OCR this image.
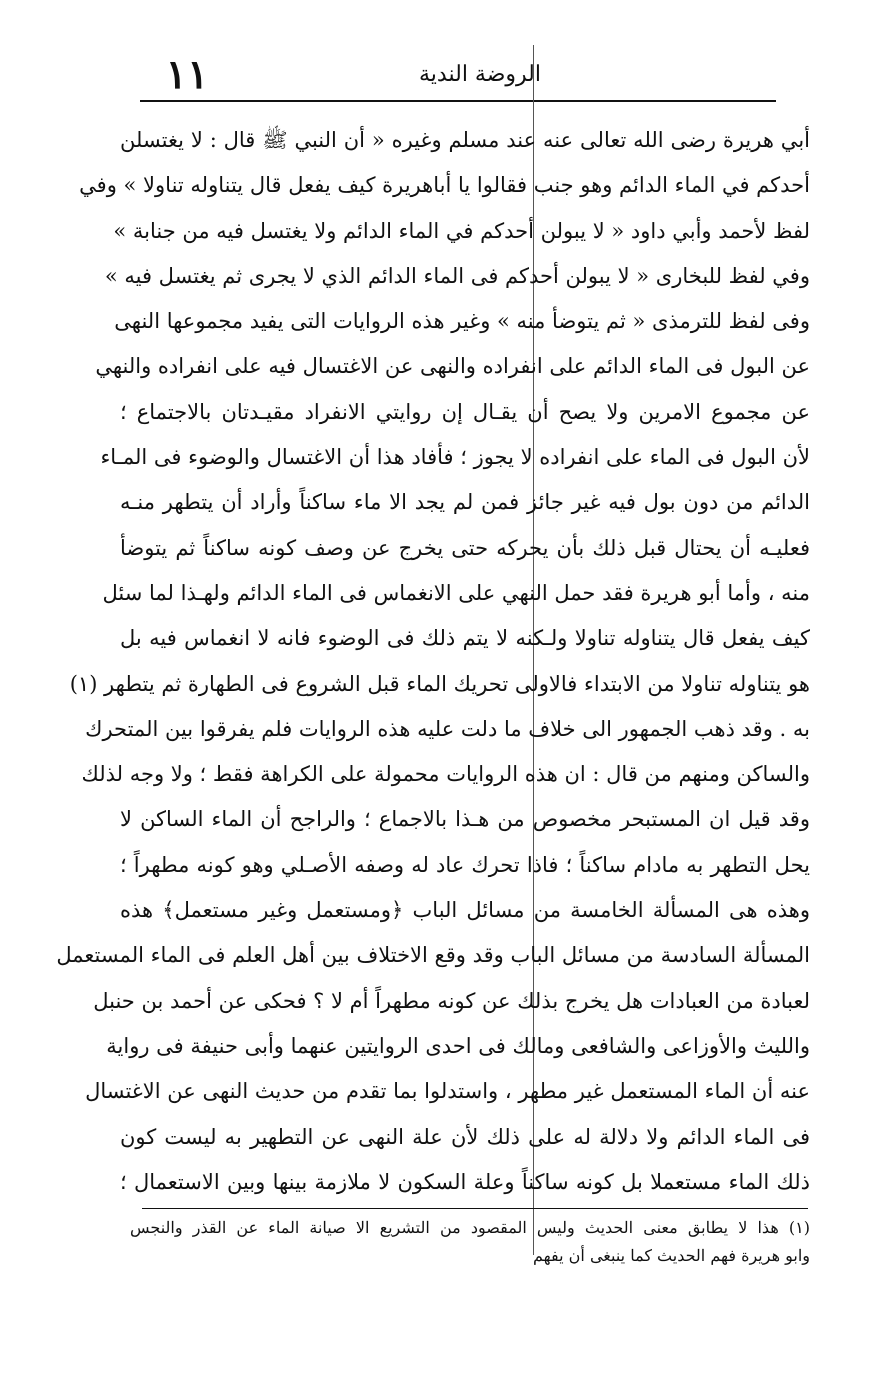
١١	الروضة الندية
أبي هريرة رضى الله تعالى عنه عند مسلم وغيره « أن النبي ﷺ قال : لا يغتسلن
أحدكم في الماء الدائم وهو جنب فقالوا يا أباهريرة كيف يفعل قال يتناوله تناولا » وفي
لفظ لأحمد وأبي داود « لا يبولن أحدكم في الماء الدائم ولا يغتسل فيه من جنابة »
وفي لفظ للبخارى « لا يبولن أحدكم فى الماء الدائم الذي لا يجرى ثم يغتسل فيه »
وفى لفظ للترمذى « ثم يتوضأ منه » وغير هذه الروايات التى يفيد مجموعها النهى
عن البول فى الماء الدائم على انفراده والنهى عن الاغتسال فيه على انفراده والنهي
عن مجموع الامرين ولا يصح أن يقـال إن روايتي الانفراد مقيـدتان بالاجتماع ؛
لأن البول فى الماء على انفراده لا يجوز ؛ فأفاد هذا أن الاغتسال والوضوء فى المـاء
الدائم من دون بول فيه غير جائز فمن لم يجد الا ماء ساكناً وأراد أن يتطهر منـه
فعليـه أن يحتال قبل ذلك بأن يحركه حتى يخرج عن وصف كونه ساكناً ثم يتوضأ
منه ، وأما أبو هريرة فقد حمل النهي على الانغماس فى الماء الدائم ولهـذا لما سئل
كيف يفعل قال يتناوله تناولا ولـكنه لا يتم ذلك فى الوضوء فانه لا انغماس فيه بل
هو يتناوله تناولا من الابتداء فالاولى تحريك الماء قبل الشروع فى الطهارة ثم يتطهر (١)
به . وقد ذهب الجمهور الى خلاف ما دلت عليه هذه الروايات فلم يفرقوا بين المتحرك
والساكن ومنهم من قال : ان هذه الروايات محمولة على الكراهة فقط ؛ ولا وجه لذلك
وقد قيل ان المستبحر مخصوص من هـذا بالاجماع ؛ والراجح أن الماء الساكن لا
يحل التطهر به مادام ساكناً ؛ فاذا تحرك عاد له وصفه الأصـلي وهو كونه مطهراً ؛
وهذه هى المسألة الخامسة من مسائل الباب ﴿ومستعمل وغير مستعمل﴾ هذه
المسألة السادسة من مسائل الباب وقد وقع الاختلاف بين أهل العلم فى الماء المستعمل
لعبادة من العبادات هل يخرج بذلك عن كونه مطهراً أم لا ؟ فحكى عن أحمد بن حنبل
والليث والأوزاعى والشافعى ومالك فى احدى الروايتين عنهما وأبى حنيفة فى رواية
عنه أن الماء المستعمل غير مطهر ، واستدلوا بما تقدم من حديث النهى عن الاغتسال
فى الماء الدائم ولا دلالة له على ذلك لأن علة النهى عن التطهير به ليست كون
ذلك الماء مستعملا بل كونه ساكناً وعلة السكون لا ملازمة بينها وبين الاستعمال ؛
(١) هذا لا يطابق معنى الحديث وليس المقصود من التشريع الا صيانة الماء عن القذر والنجس
وابو هريرة فهم الحديث كما ينبغى أن يفهم
